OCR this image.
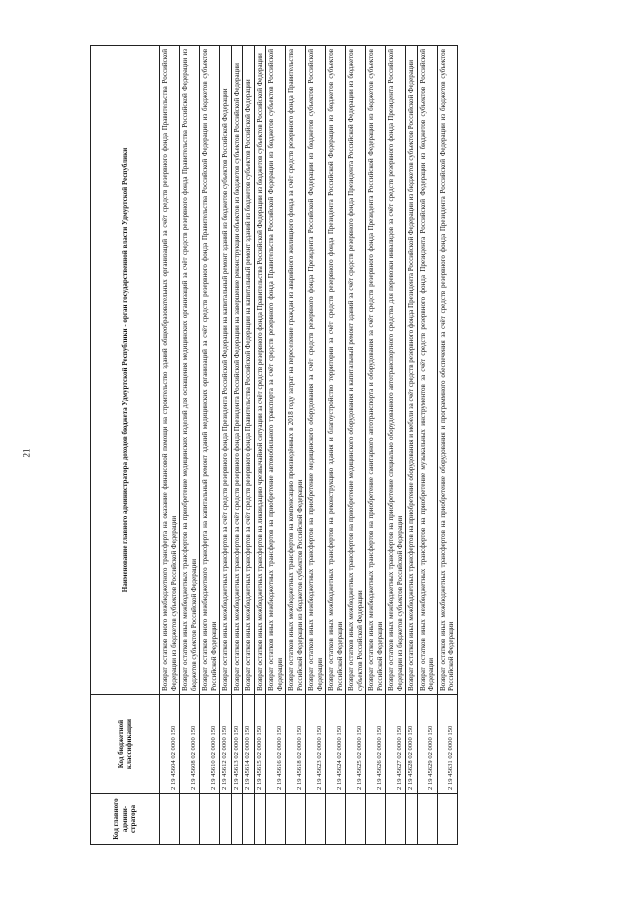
21
Код главного админи-стратора	Код бюджетной классификации	Наименование главного администратора доходов бюджета Удмуртской Республики - орган государственной власти Удмуртской Республики
	2 19 45604 02 0000 150	Возврат остатков иного межбюджетного трансферта на оказание финансовой помощи на строительство зданий общеобразовательных организаций за счёт средств резервного фонда Правительства Российской Федерации из бюджетов субъектов Российской Федерации
	2 19 45608 02 0000 150	Возврат остатков иных межбюджетных трансфертов на приобретение медицинских изделий для оснащения медицинских организаций за счёт средств резервного фонда Правительства Российской Федерации из бюджетов субъектов Российской Федерации
	2 19 45610 02 0000 150	Возврат остатков иного межбюджетного трансферта на капитальный ремонт зданий медицинских организаций за счёт средств резервного фонда Правительства Российской Федерации из бюджетов субъектов Российской Федерации
	2 19 45612 02 0000 150	Возврат остатков иных межбюджетных трансфертов за счёт средств резервного фонда Президента Российской Федерации на капитальный ремонт зданий из бюджетов субъектов Российской Федерации
	2 19 45613 02 0000 150	Возврат остатков иных межбюджетных трансфертов за счёт средств резервного фонда Президента Российской Федерации на завершение реконструкции объектов из бюджетов субъектов Российской Федерации
	2 19 45614 02 0000 150	Возврат остатков иных межбюджетных трансфертов за счёт средств резервного фонда Правительства Российской Федерации на капитальный ремонт зданий из бюджетов субъектов Российской Федерации
	2 19 45615 02 0000 150	Возврат остатков иных межбюджетных трансфертов на ликвидацию чрезвычайной ситуации за счёт средств резервного фонда Правительства Российской Федерации из бюджетов субъектов Российской Федерации
	2 19 45616 02 0000 150	Возврат остатков иных межбюджетных трансфертов на приобретение автомобильного транспорта за счёт средств резервного фонда Правительства Российской Федерации из бюджетов субъектов Российской Федерации
	2 19 45618 02 0000 150	Возврат остатков иных межбюджетных трансфертов на компенсацию произведённых в 2018 году затрат на переселение граждан из аварийного жилищного фонда за счёт средств резервного фонда Правительства Российской Федерации из бюджетов субъектов Российской Федерации
	2 19 45623 02 0000 150	Возврат остатков иных межбюджетных трансфертов на приобретение медицинского оборудования за счёт средств резервного фонда Президента Российской Федерации из бюджетов субъектов Российской Федерации
	2 19 45624 02 0000 150	Возврат остатков иных межбюджетных трансфертов на реконструкцию здания и благоустройство территории за счёт средств резервного фонда Президента Российской Федерации из бюджетов субъектов Российской Федерации
	2 19 45625 02 0000 150	Возврат остатков иных межбюджетных трансфертов на приобретение медицинского оборудования и капитальный ремонт зданий за счёт средств резервного фонда Президента Российской Федерации из бюджетов субъектов Российской Федерации
	2 19 45626 02 0000 150	Возврат остатков иных межбюджетных трансфертов на приобретение санитарного автотранспорта и оборудования за счёт средств резервного фонда Президента Российской Федерации из бюджетов субъектов Российской Федерации
	2 19 45627 02 0000 150	Возврат остатков иных межбюджетных трансфертов на приобретение специально оборудованного автотранспортного средства для перевозки инвалидов за счёт средств резервного фонда Президента Российской Федерации из бюджетов субъектов Российской Федерации
	2 19 45628 02 0000 150	Возврат остатков иных межбюджетных трансфертов на приобретение оборудования и мебели за счёт средств резервного фонда Президента Российской Федерации из бюджетов субъектов Российской Федерации
	2 19 45629 02 0000 150	Возврат остатков иных межбюджетных трансфертов на приобретение музыкальных инструментов за счёт средств резервного фонда Президента Российской Федерации из бюджетов субъектов Российской Федерации
	2 19 45631 02 0000 150	Возврат остатков иных межбюджетных трансфертов на приобретение оборудования и программного обеспечения за счёт средств резервного фонда Президента Российской Федерации из бюджетов субъектов Российской Федерации
